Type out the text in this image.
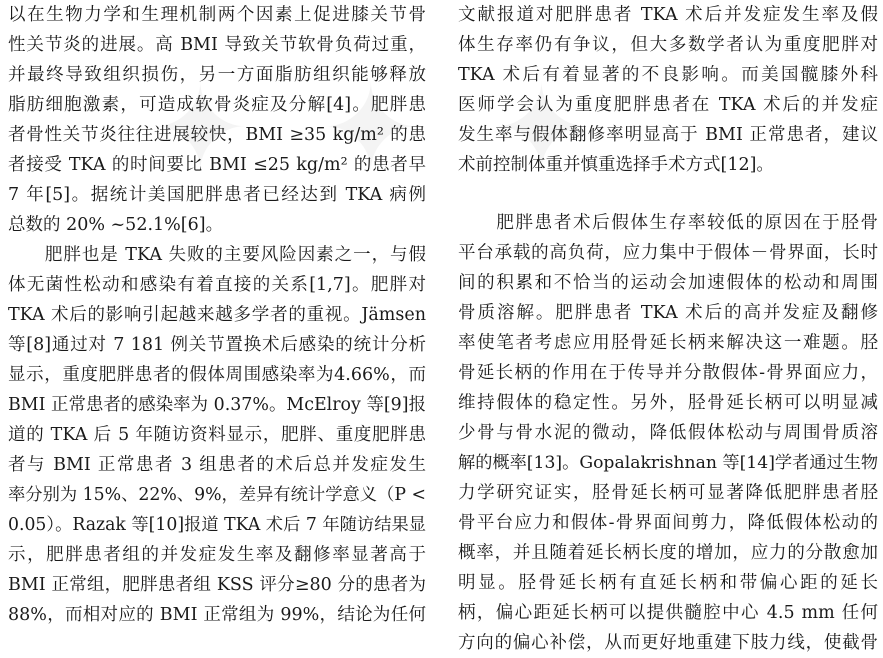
以在生物力学和生理机制两个因素上促进膝关节骨
性关节炎的进展。高 BMI 导致关节软骨负荷过重，
并最终导致组织损伤，另一方面脂肪组织能够释放
脂肪细胞激素，可造成软骨炎症及分解[4]。肥胖患
者骨性关节炎往往进展较快，BMI ≥35 kg/m² 的患
者接受 TKA 的时间要比 BMI ≤25 kg/m² 的患者早
7 年[5]。据统计美国肥胖患者已经达到 TKA 病例
总数的 20% ~52.1%[6]。
　　肥胖也是 TKA 失败的主要风险因素之一，与假
体无菌性松动和感染有着直接的关系[1,7]。肥胖对
TKA 术后的影响引起越来越多学者的重视。Jämsen
等[8]通过对 7 181 例关节置换术后感染的统计分析
显示，重度肥胖患者的假体周围感染率为4.66%，而
BMI 正常患者的感染率为 0.37%。McElroy 等[9]报
道的 TKA 后 5 年随访资料显示，肥胖、重度肥胖患
者与 BMI 正常患者 3 组患者的术后总并发症发生
率分别为 15%、22%、9%，差异有统计学意义（P <
0.05）。Razak 等[10]报道 TKA 术后 7 年随访结果显
示，肥胖患者组的并发症发生率及翻修率显著高于
BMI 正常组，肥胖患者组 KSS 评分≥80 分的患者为
88%，而相对应的 BMI 正常组为 99%，结论为任何
文献报道对肥胖患者 TKA 术后并发症发生率及假
体生存率仍有争议，但大多数学者认为重度肥胖对
TKA 术后有着显著的不良影响。而美国髋膝外科
医师学会认为重度肥胖患者在 TKA 术后的并发症
发生率与假体翻修率明显高于 BMI 正常患者，建议
术前控制体重并慎重选择手术方式[12]。
　　肥胖患者术后假体生存率较低的原因在于胫骨
平台承载的高负荷，应力集中于假体－骨界面，长时
间的积累和不恰当的运动会加速假体的松动和周围
骨质溶解。肥胖患者 TKA 术后的高并发症及翻修
率使笔者考虑应用胫骨延长柄来解决这一难题。胫
骨延长柄的作用在于传导并分散假体-骨界面应力，
维持假体的稳定性。另外，胫骨延长柄可以明显减
少骨与骨水泥的微动，降低假体松动与周围骨质溶
解的概率[13]。Gopalakrishnan 等[14]学者通过生物
力学研究证实，胫骨延长柄可显著降低肥胖患者胫
骨平台应力和假体-骨界面间剪力，降低假体松动的
概率，并且随着延长柄长度的增加，应力的分散愈加
明显。胫骨延长柄有直延长柄和带偏心距的延长
柄，偏心距延长柄可以提供髓腔中心 4.5 mm 任何
方向的偏心补偿，从而更好地重建下肢力线，使截骨
